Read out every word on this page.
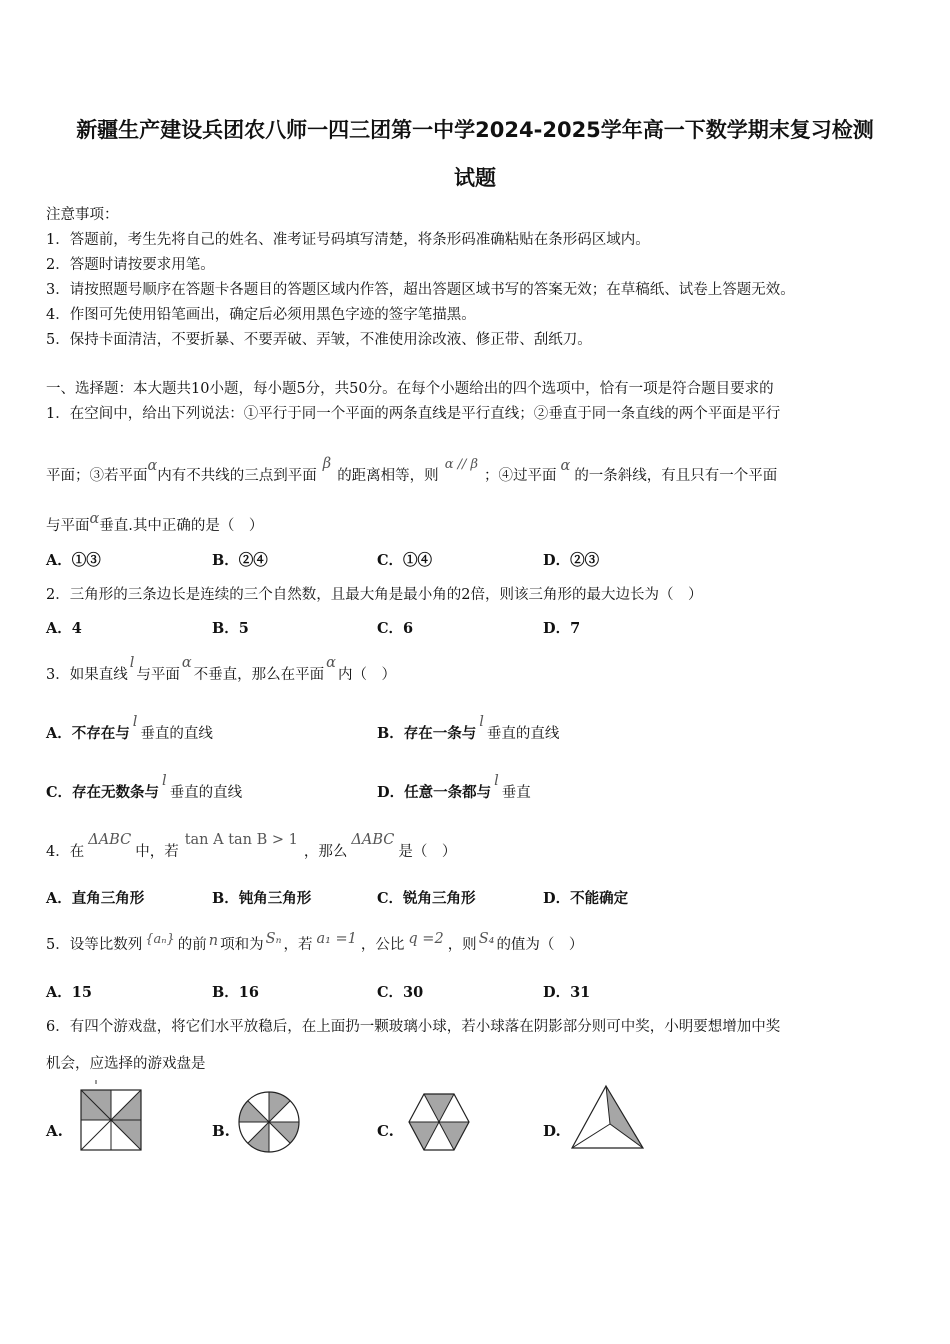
新疆生产建设兵团农八师一四三团第一中学2024-2025学年高一下数学期末复习检测
试题
注意事项：
1．答题前，考生先将自己的姓名、准考证号码填写清楚，将条形码准确粘贴在条形码区域内。
2．答题时请按要求用笔。
3．请按照题号顺序在答题卡各题目的答题区域内作答，超出答题区域书写的答案无效；在草稿纸、试卷上答题无效。
4．作图可先使用铅笔画出，确定后必须用黑色字迹的签字笔描黑。
5．保持卡面清洁，不要折暴、不要弄破、弄皱，不准使用涂改液、修正带、刮纸刀。
一、选择题：本大题共10小题，每小题5分，共50分。在每个小题给出的四个选项中，恰有一项是符合题目要求的
1．在空间中，给出下列说法：①平行于同一个平面的两条直线是平行直线；②垂直于同一条直线的两个平面是平行
平面；③若平面α内有不共线的三点到平面β的距离相等，则α // β；④过平面α的一条斜线，有且只有一个平面
与平面α垂直.其中正确的是（　）
A．①③	B．②④	C．①④	D．②③
2．三角形的三条边长是连续的三个自然数，且最大角是最小角的2倍，则该三角形的最大边长为（　）
A．4	B．5	C．6	D．7
3．如果直线l与平面α不垂直，那么在平面α内（　）
A．不存在与l垂直的直线	B．存在一条与l垂直的直线
C．存在无数条与l垂直的直线	D．任意一条都与l垂直
4．在ΔABC中，若tan A tan B > 1，那么ΔABC是（　）
A．直角三角形	B．钝角三角形	C．锐角三角形	D．不能确定
5．设等比数列 {aₙ} 的前 n 项和为 Sₙ ，若 a₁ =1 ，公比 q =2 ，则 S₄ 的值为（　）
A．15	B．16	C．30	D．31
6．有四个游戏盘，将它们水平放稳后，在上面扔一颗玻璃小球，若小球落在阴影部分则可中奖，小明要想增加中奖
机会，应选择的游戏盘是
A.	B.	C.	D.
